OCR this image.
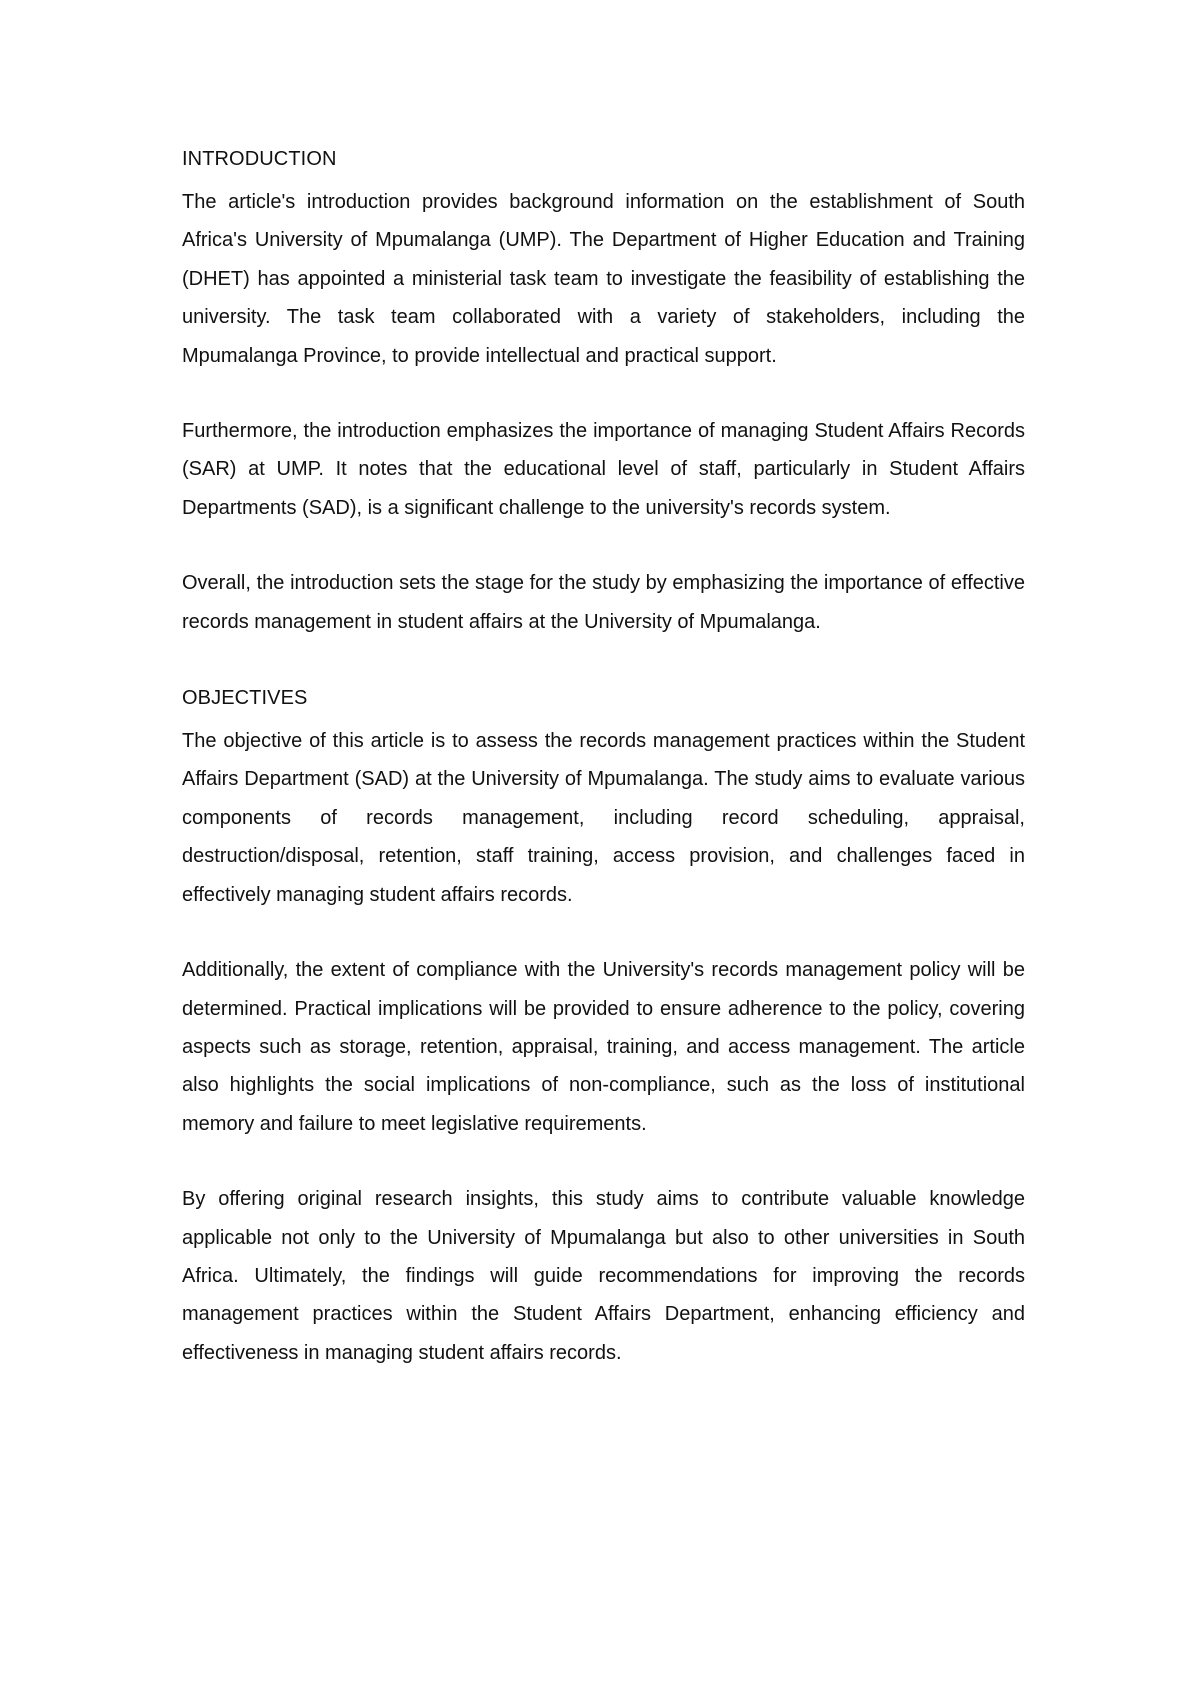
INTRODUCTION

The article's introduction provides background information on the establishment of South Africa's University of Mpumalanga (UMP). The Department of Higher Education and Training (DHET) has appointed a ministerial task team to investigate the feasibility of establishing the university. The task team collaborated with a variety of stakeholders, including the Mpumalanga Province, to provide intellectual and practical support.

Furthermore, the introduction emphasizes the importance of managing Student Affairs Records (SAR) at UMP. It notes that the educational level of staff, particularly in Student Affairs Departments (SAD), is a significant challenge to the university's records system.

Overall, the introduction sets the stage for the study by emphasizing the importance of effective records management in student affairs at the University of Mpumalanga.

OBJECTIVES

The objective of this article is to assess the records management practices within the Student Affairs Department (SAD) at the University of Mpumalanga. The study aims to evaluate various components of records management, including record scheduling, appraisal, destruction/disposal, retention, staff training, access provision, and challenges faced in effectively managing student affairs records.

Additionally, the extent of compliance with the University's records management policy will be determined. Practical implications will be provided to ensure adherence to the policy, covering aspects such as storage, retention, appraisal, training, and access management. The article also highlights the social implications of non-compliance, such as the loss of institutional memory and failure to meet legislative requirements.

By offering original research insights, this study aims to contribute valuable knowledge applicable not only to the University of Mpumalanga but also to other universities in South Africa. Ultimately, the findings will guide recommendations for improving the records management practices within the Student Affairs Department, enhancing efficiency and effectiveness in managing student affairs records.
